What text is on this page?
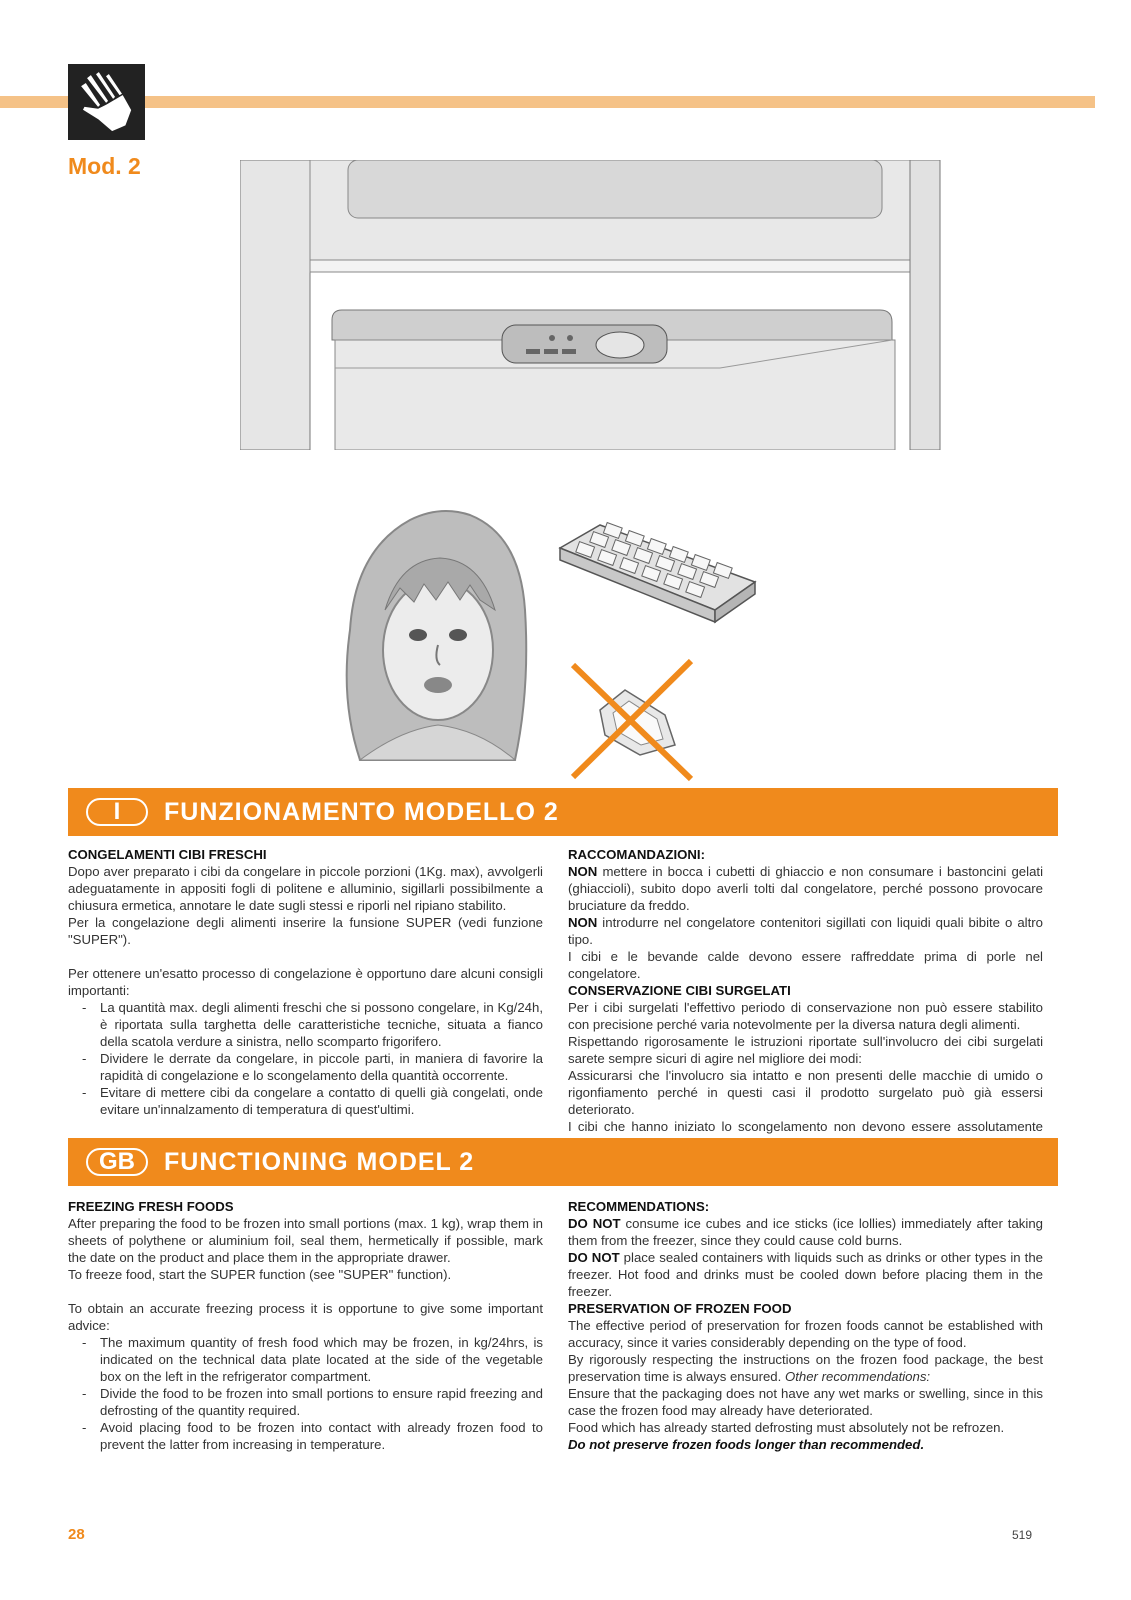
Mod. 2
I	FUNZIONAMENTO MODELLO 2

CONGELAMENTI CIBI FRESCHI

Dopo aver preparato i cibi da congelare in piccole porzioni (1Kg. max), avvolgerli adeguatamente in appositi fogli di politene e alluminio, sigillarli possibilmente a chiusura ermetica, annotare le date sugli stessi e riporli nel ripiano stabilito.

Per la congelazione degli alimenti inserire la funsione SUPER (vedi funzione "SUPER").

Per ottenere un'esatto processo di congelazione è opportuno dare alcuni consigli importanti:

- La quantità max. degli alimenti freschi che si possono congelare, in Kg/24h, è riportata sulla targhetta delle caratteristiche tecniche, situata a fianco della scatola verdure a sinistra, nello scomparto frigorifero.
- Dividere le derrate da congelare, in piccole parti, in maniera di favorire la rapidità di congelazione e lo scongelamento della quantità occorrente.
- Evitare di mettere cibi da congelare a contatto di quelli già congelati, onde evitare un'innalzamento di temperatura di quest'ultimi.

RACCOMANDAZIONI:

NON mettere in bocca i cubetti di ghiaccio e non consumare i bastoncini gelati (ghiaccioli), subito dopo averli tolti dal congelatore, perché possono provocare bruciature da freddo.

NON introdurre nel congelatore contenitori sigillati con liquidi quali bibite o altro tipo.

I cibi e le bevande calde devono essere raffreddate prima di porle nel congelatore.

CONSERVAZIONE CIBI SURGELATI

Per i cibi surgelati l'effettivo periodo di conservazione non può essere stabilito con precisione perché varia notevolmente per la diversa natura degli alimenti.

Rispettando rigorosamente le istruzioni riportate sull'involucro dei cibi surgelati sarete sempre sicuri di agire nel migliore dei modi:

Assicurarsi che l'involucro sia intatto e non presenti delle macchie di umido o rigonfiamento perché in questi casi il prodotto surgelato può già essersi deteriorato.

I cibi che hanno iniziato lo scongelamento non devono essere assolutamente

GB	FUNCTIONING MODEL 2

FREEZING FRESH FOODS

After preparing the food to be frozen into small portions (max. 1 kg), wrap them in sheets of polythene or aluminium foil, seal them, hermetically if possible, mark the date on the product and place them in the appropriate drawer.

To freeze food, start the SUPER function (see "SUPER" function).

To obtain an accurate freezing process it is opportune to give some important advice:

- The maximum quantity of fresh food which may be frozen, in kg/24hrs, is indicated on the technical data plate located at the side of the vegetable box on the left in the refrigerator compartment.
- Divide the food to be frozen into small portions to ensure rapid freezing and defrosting of the quantity required.
- Avoid placing food to be frozen into contact with already frozen food to prevent the latter from increasing in temperature.

RECOMMENDATIONS:

DO NOT consume ice cubes and ice sticks (ice lollies) immediately after taking them from the freezer, since they could cause cold burns.

DO NOT place sealed containers with liquids such as drinks or other types in the freezer. Hot food and drinks must be cooled down before placing them in the freezer.

PRESERVATION OF FROZEN FOOD

The effective period of preservation for frozen foods cannot be established with accuracy, since it varies considerably depending on the type of food.

By rigorously respecting the instructions on the frozen food package, the best preservation time is always ensured. Other recommendations:

Ensure that the packaging does not have any wet marks or swelling, since in this case the frozen food may already have deteriorated.

Food which has already started defrosting must absolutely not be refrozen.

Do not preserve frozen foods longer than recommended.

28	519
